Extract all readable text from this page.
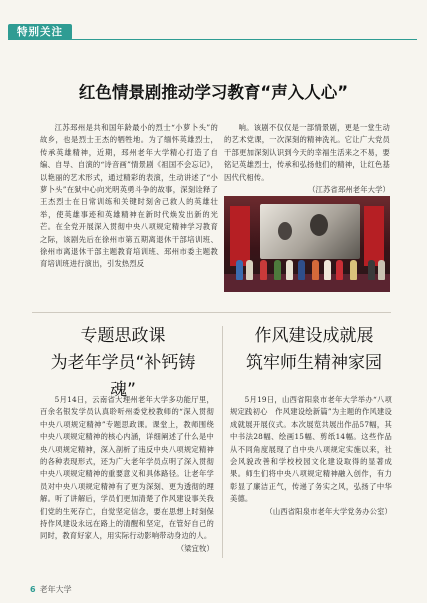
特别关注
红色情景剧推动学习教育“声入人心”

江苏邳州是共和国年龄最小的烈士“小萝卜头”的故乡，也是烈士王杰的牺牲地。为了缅怀英雄烈士，传承英雄精神，近期，邳州老年大学精心打造了自编、自导、自演的“诗音画”情景剧《祖国不会忘记》，以艳丽的艺术形式，通过精彩的表演，生动讲述了“小萝卜头”在狱中心向光明英勇斗争的故事，深刻诠释了王杰烈士在日常训练和关键时刻舍己救人的英雄壮举，使英雄事迹和英雄精神在新时代焕发出新的光芒。在全党开展深入贯彻中央八项规定精神学习教育之际，该剧先后在徐州市第五期离退休干部培训班、徐州市离退休干部主题教育培训班、邳州市委主题教育培训班进行演出，引发热烈反

响。该剧不仅仅是一部情景剧，更是一堂生动的艺术党课，一次深刻的精神洗礼。它让广大党员干部更加深刻认识到今天的幸福生活来之不易，要铭记英雄烈士，传承和弘扬他们的精神，让红色基因代代相传。

（江苏省邳州老年大学）

专题思政课
为老年学员“补钙铸魂”

5月14日，云南省大理州老年大学多功能厅里，百余名银发学员认真聆听州委党校教师的“深入贯彻中央八项规定精神”专题思政课。课堂上，教师围绕中央八项规定精神的核心内涵，详细阐述了什么是中央八项规定精神，深入剖析了违反中央八项规定精神的各种表现形式，还为广大老年学员点明了深入贯彻中央八项规定精神的重要意义和具体路径。让老年学员对中央八项规定精神有了更为深刻、更为透彻的理解。听了讲解后，学员们更加清楚了作风建设事关我们党的生死存亡，自觉坚定信念，要在思想上时刻保持作风建设永远在路上的清醒和坚定，在管好自己的同时，教育好家人，用实际行动影响带动身边的人。

（梁宜牧）

作风建设成就展
筑牢师生精神家园

5月19日，山西省阳泉市老年大学举办“八项规定践初心　作风建设绘新篇”为主题的作风建设成就展开展仪式。本次展览共展出作品57幅，其中书法28幅、绘画15幅、剪纸14幅。这些作品从不同角度展现了自中央八项规定实施以来，社会风貌改善和学校校园文化建设取得的显著成果。师生们将中央八项规定精神融入创作，有力彰显了廉洁正气，传递了务实之风，弘扬了中华美德。

（山西省阳泉市老年大学党务办公室）

6 老年大学
